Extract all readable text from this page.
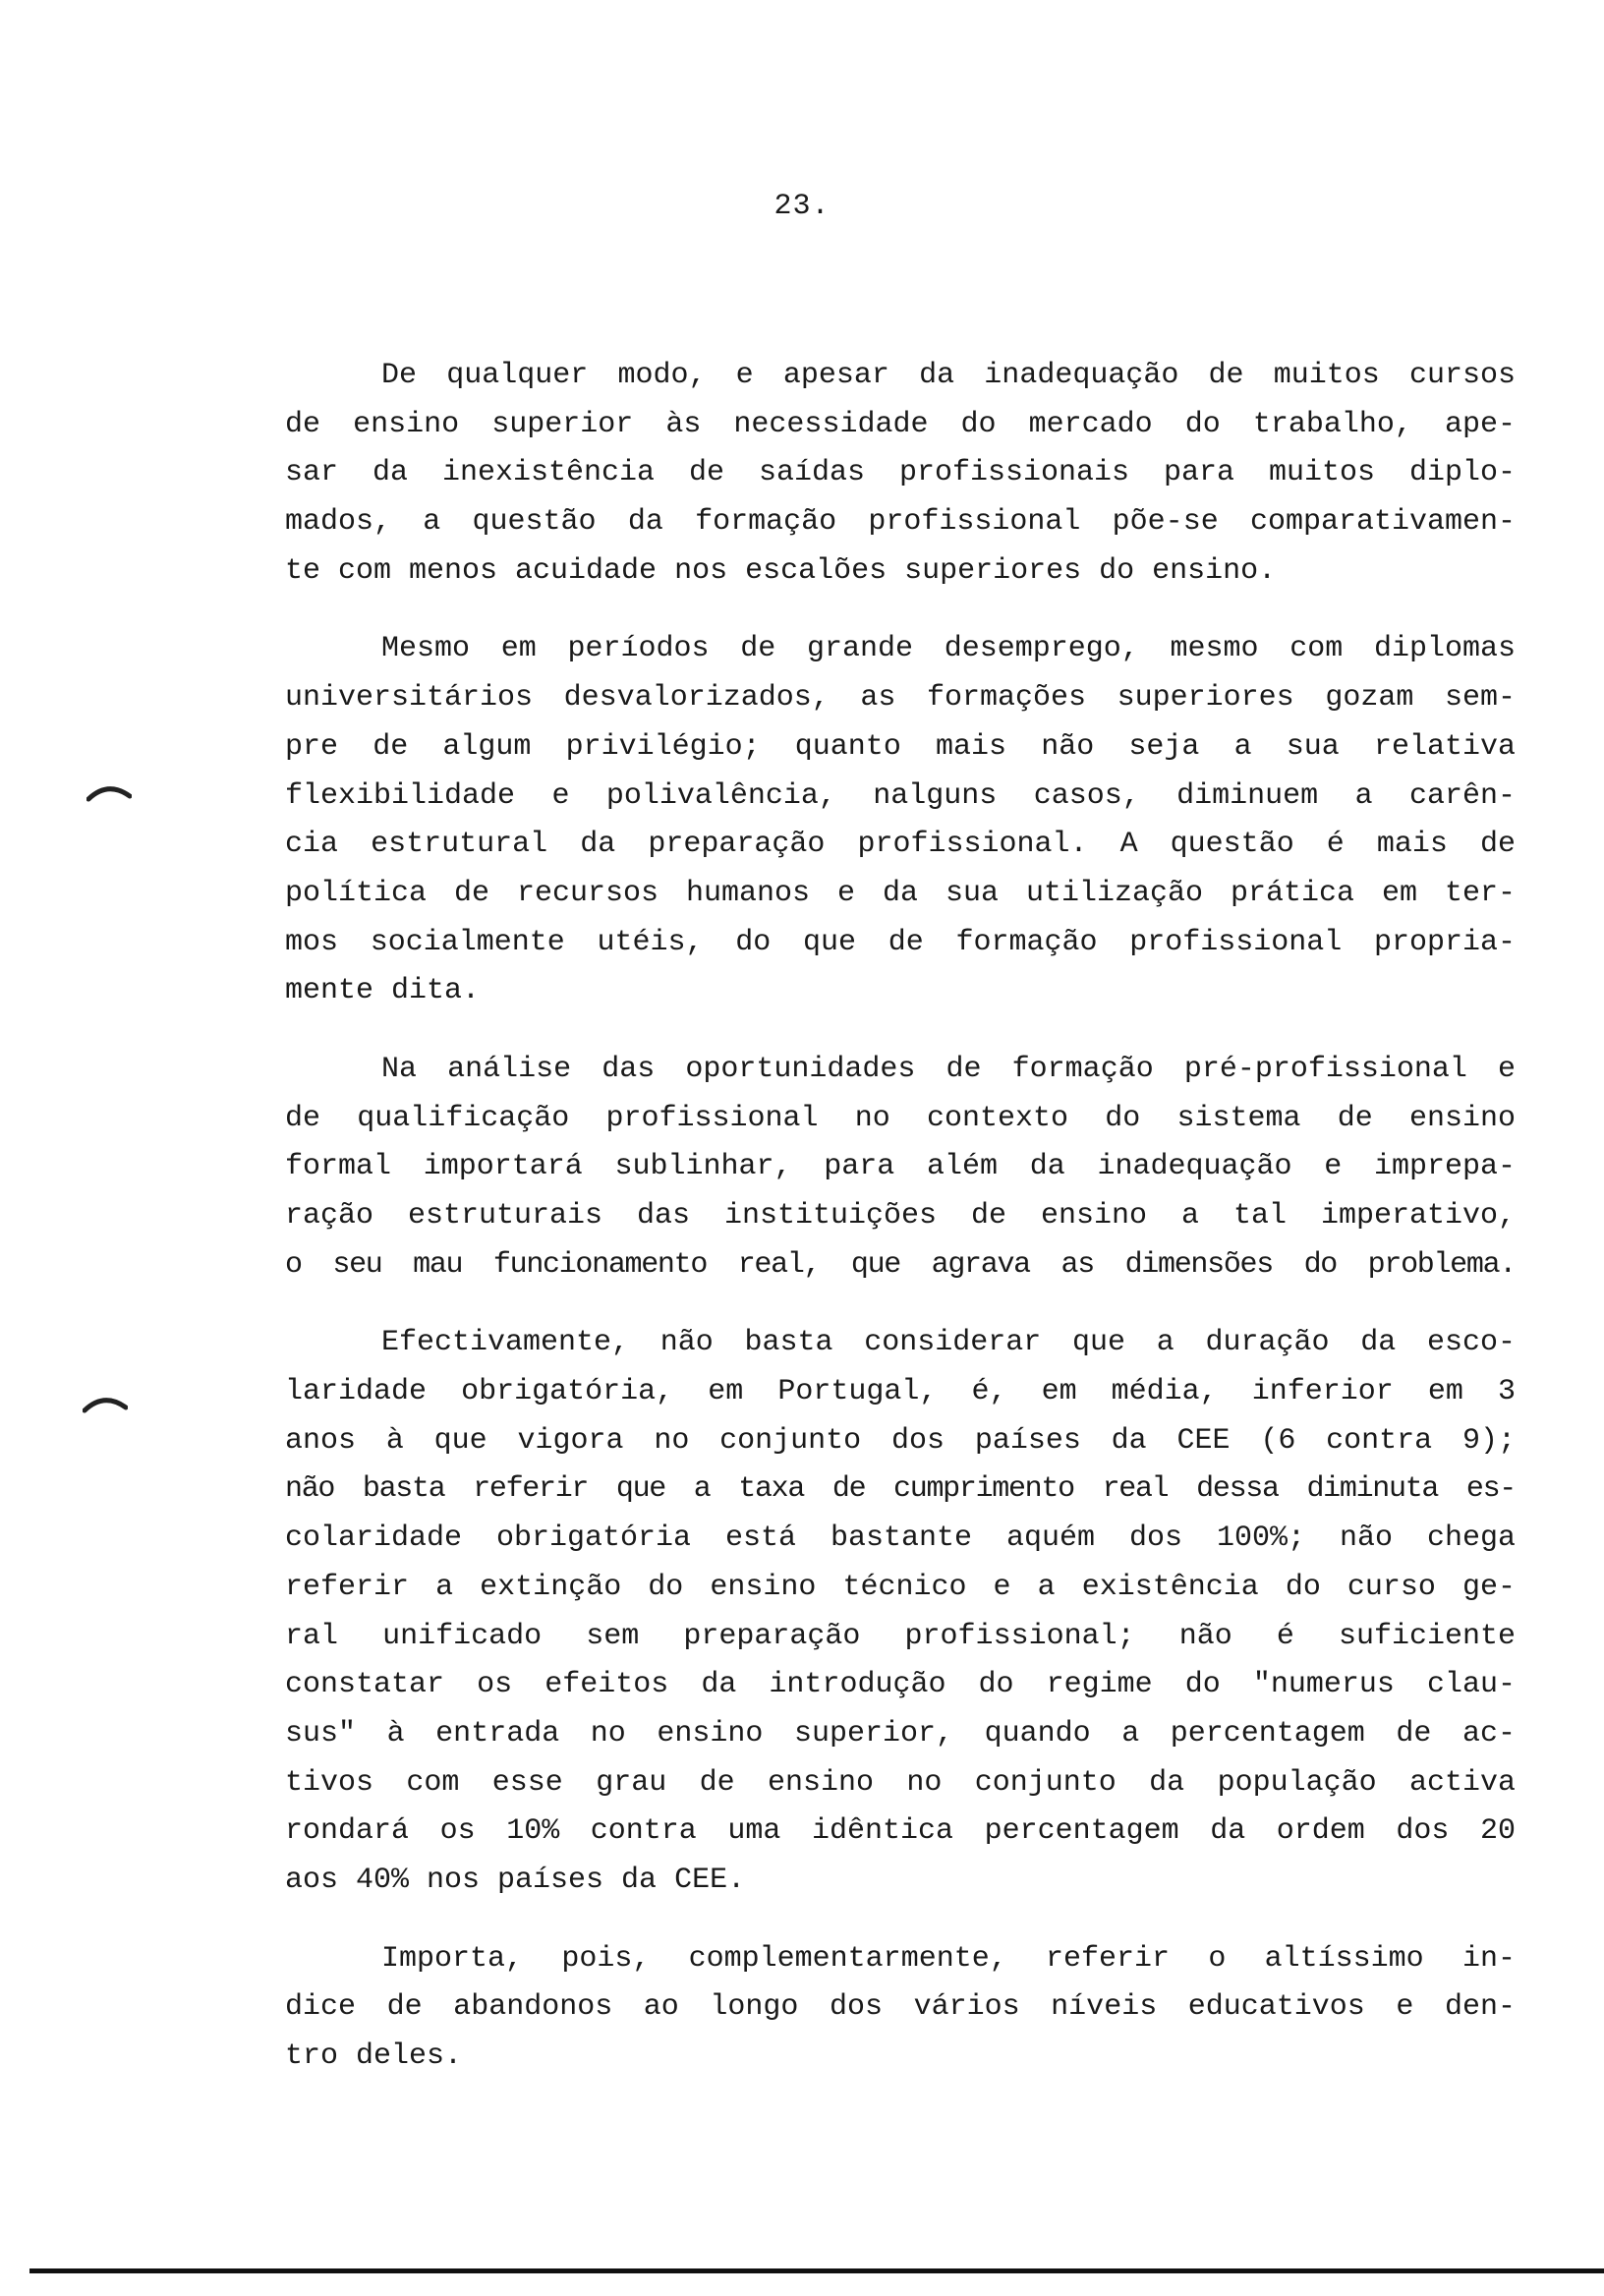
23.
De qualquer modo, e apesar da inadequação de muitos cursos
de ensino superior às necessidade do mercado do trabalho, ape-
sar da inexistência de saídas profissionais para muitos diplo-
mados, a questão da formação profissional põe-se comparativamen-
te com menos acuidade nos escalões superiores do ensino.
Mesmo em períodos de grande desemprego, mesmo com diplomas
universitários desvalorizados, as formações superiores gozam sem-
pre de algum privilégio; quanto mais não seja a sua relativa
flexibilidade e polivalência, nalguns casos, diminuem a carên-
cia estrutural da preparação profissional. A questão é mais de
política de recursos humanos e da sua utilização prática em ter-
mos socialmente utéis, do que de formação profissional propria-
mente dita.
Na análise das oportunidades de formação pré-profissional e
de qualificação profissional no contexto do sistema de ensino
formal importará sublinhar, para além da inadequação e imprepa-
ração estruturais das instituições de ensino a tal imperativo,
o seu mau funcionamento real, que agrava as dimensões do problema.
Efectivamente, não basta considerar que a duração da esco-
laridade obrigatória, em Portugal, é, em média, inferior em 3
anos à que vigora no conjunto dos países da CEE (6 contra 9);
não basta referir que a taxa de cumprimento real dessa diminuta es-
colaridade obrigatória está bastante aquém dos 100%; não chega
referir a extinção do ensino técnico e a existência do curso ge-
ral unificado sem preparação profissional; não é suficiente
constatar os efeitos da introdução do regime do "numerus clau-
sus" à entrada no ensino superior, quando a percentagem de ac-
tivos com esse grau de ensino no conjunto da população activa
rondará os 10% contra uma idêntica percentagem da ordem dos 20
aos 40% nos países da CEE.
Importa, pois, complementarmente, referir o altíssimo in-
dice de abandonos ao longo dos vários níveis educativos e den-
tro deles.
